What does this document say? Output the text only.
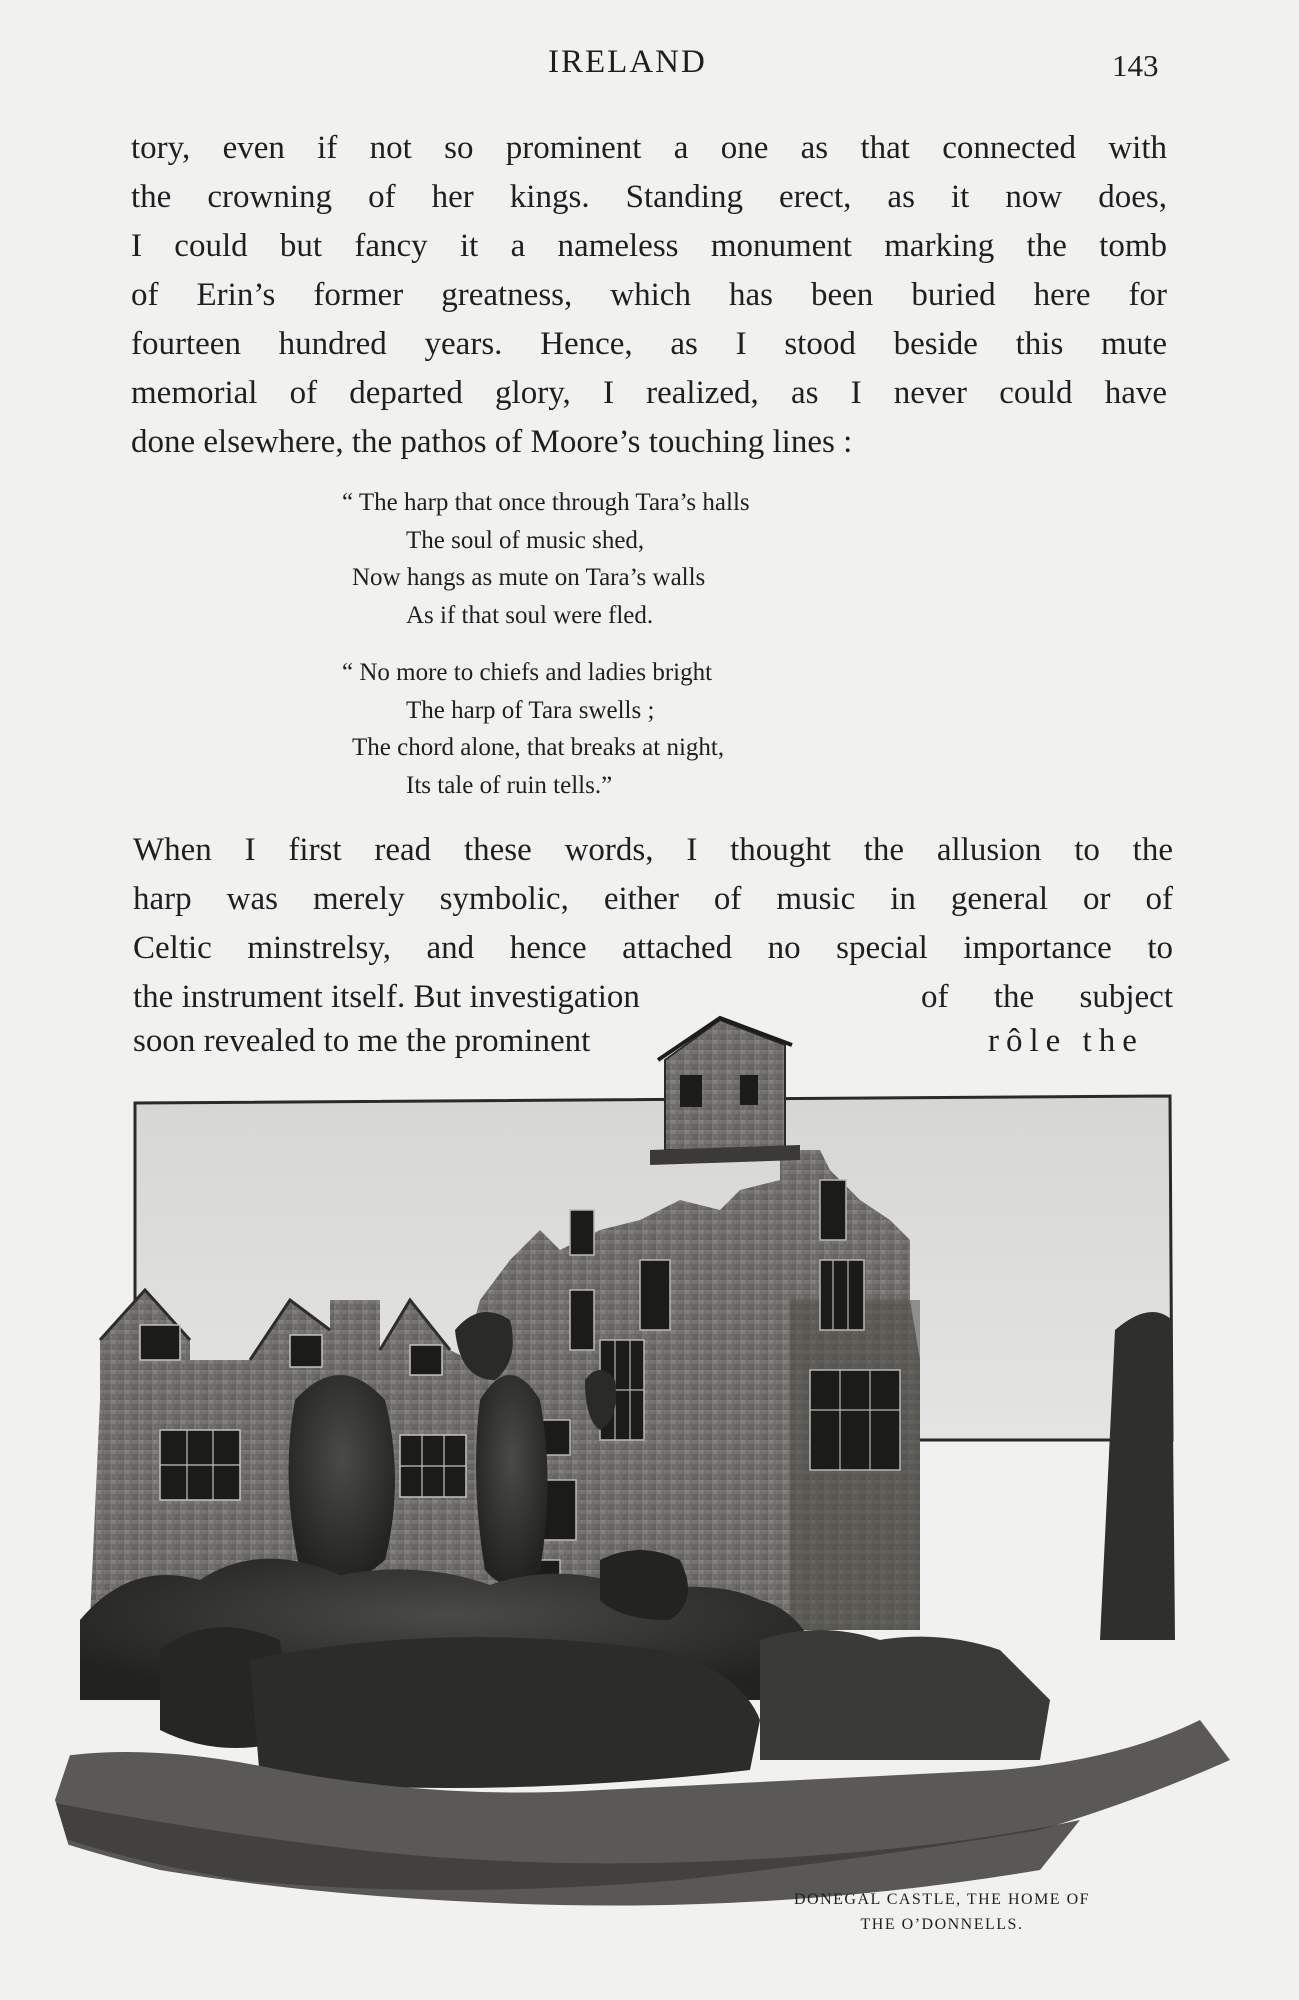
IRELAND	143
tory, even if not so prominent a one as that connected with
the crowning of her kings. Standing erect, as it now does,
I could but fancy it a nameless monument marking the tomb
of Erin’s former greatness, which has been buried here for
fourteen hundred years. Hence, as I stood beside this mute
memorial of departed glory, I realized, as I never could have
done elsewhere, the pathos of Moore’s touching lines :
“ The harp that once through Tara’s halls
The soul of music shed,
Now hangs as mute on Tara’s walls
As if that soul were fled.
“ No more to chiefs and ladies bright
The harp of Tara swells ;
The chord alone, that breaks at night,
Its tale of ruin tells.”
When I first read these words, I thought the allusion to the
harp was merely symbolic, either of music in general or of
Celtic minstrelsy, and hence attached no special importance to
the instrument itself. But investigation	of the subject
soon revealed to me the prominent	rôle the
DONEGAL CASTLE, THE HOME OF
THE O’DONNELLS.
